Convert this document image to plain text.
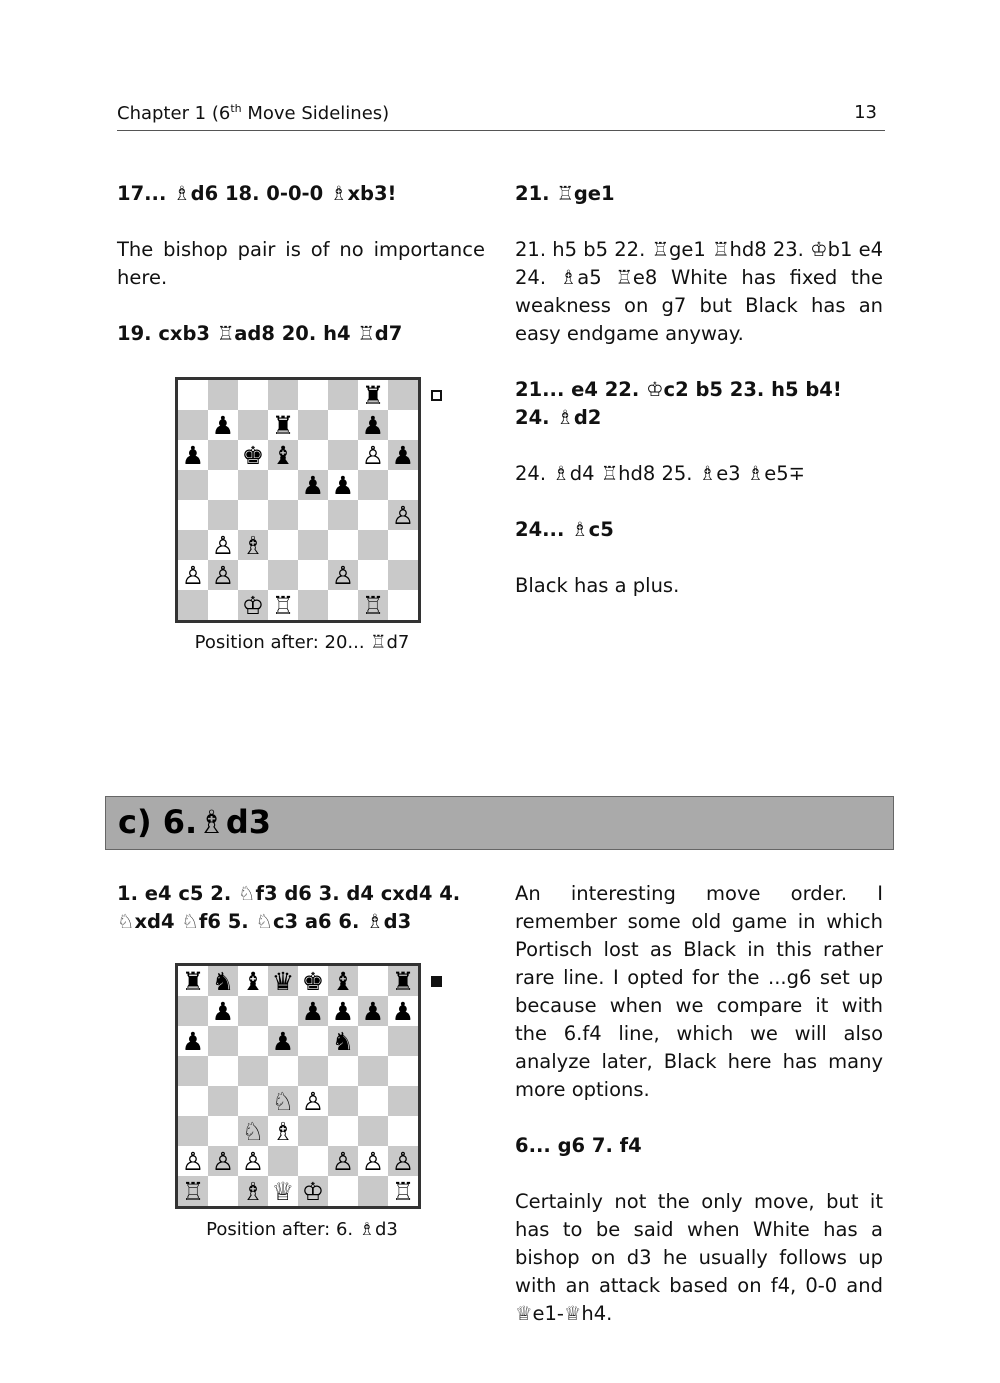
Chapter 1 (6th Move Sidelines)	13

17... ♗d6 18. 0-0-0 ♗xb3!

The bishop pair is of no importance here.

19. cxb3 ♖ad8 20. h4 ♖d7

♜
♟ ♜	♟
♟ ♚ ♝	♙ ♟
♟ ♟
♙
♙ ♗
♙ ♙	♙
♔ ♖	♖
Position after: 20... ♖d7

21. ♖ge1

21. h5 b5 22. ♖ge1 ♖hd8 23. ♔b1 e4 24. ♗a5 ♖e8 White has fixed the weakness on g7 but Black has an easy endgame anyway.

21... e4 22. ♔c2 b5 23. h5 b4! 24. ♗d2

24. ♗d4 ♖hd8 25. ♗e3 ♗e5∓

24... ♗c5

Black has a plus.

c) 6.♗d3

1. e4 c5 2. ♘f3 d6 3. d4 cxd4 4. ♘xd4 ♘f6 5. ♘c3 a6 6. ♗d3

♜ ♞ ♝ ♛ ♚ ♝ ♜
♟	♟ ♟ ♟ ♟
♟	♟ ♞
♘ ♙
♘ ♗
♙ ♙ ♙	♙ ♙ ♙
♖ ♗ ♕ ♔	♖
Position after: 6. ♗d3

An interesting move order. I remember some old game in which Portisch lost as Black in this rather rare line. I opted for the ...g6 set up because when we compare it with the 6.f4 line, which we will also analyze later, Black here has many more options.

6... g6 7. f4

Certainly not the only move, but it has to be said when White has a bishop on d3 he usually follows up with an attack based on f4, 0-0 and ♕e1-♕h4.
